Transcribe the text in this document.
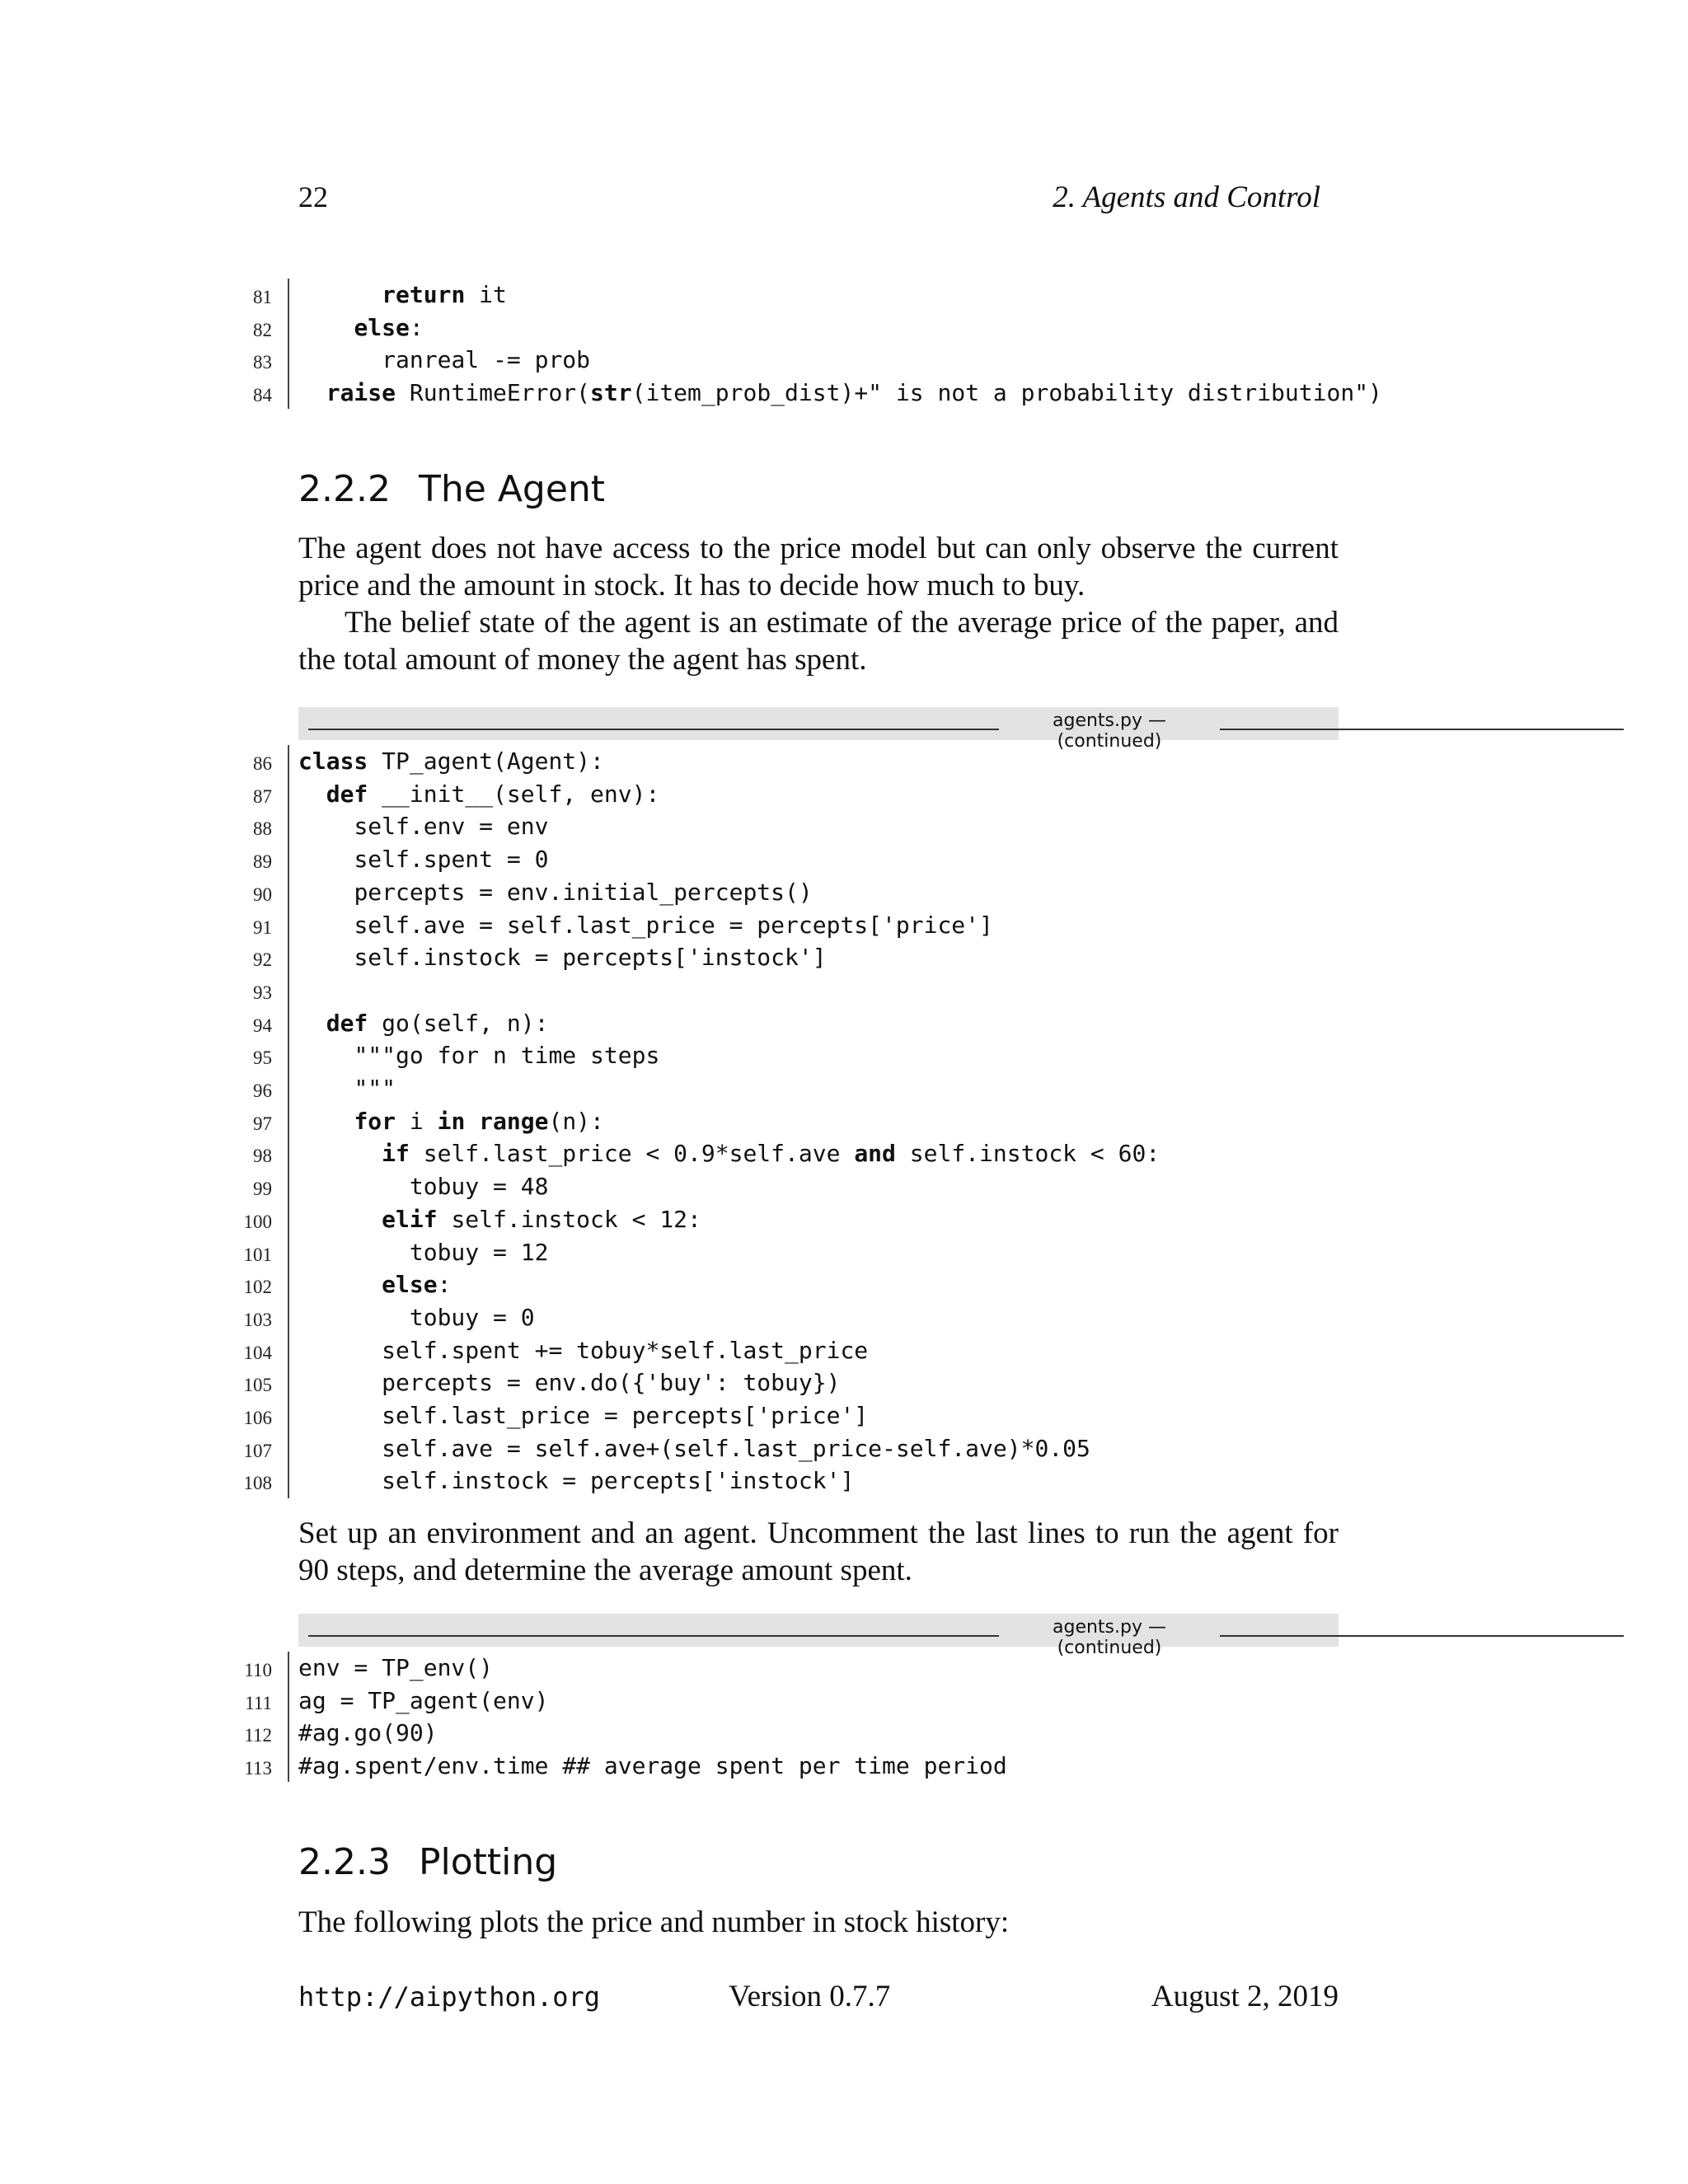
22	2. Agents and Control
81	return it
82	else:
83	ranreal -= prob
84	raise RuntimeError(str(item_prob_dist)+" is not a probability distribution")
2.2.2 The Agent
The agent does not have access to the price model but can only observe the current price and the amount in stock. It has to decide how much to buy.
The belief state of the agent is an estimate of the average price of the paper, and the total amount of money the agent has spent.
agents.py — (continued)
86 class TP_agent(Agent):
87	def __init__(self, env):
88	self.env = env
89	self.spent = 0
90	percepts = env.initial_percepts()
91	self.ave = self.last_price = percepts['price']
92	self.instock = percepts['instock']
93
94	def go(self, n):
95	"""go for n time steps
96	"""
97	for i in range(n):
98	if self.last_price < 0.9*self.ave and self.instock < 60:
99	tobuy = 48
100	elif self.instock < 12:
101	tobuy = 12
102	else:
103	tobuy = 0
104	self.spent += tobuy*self.last_price
105	percepts = env.do({'buy': tobuy})
106	self.last_price = percepts['price']
107	self.ave = self.ave+(self.last_price-self.ave)*0.05
108	self.instock = percepts['instock']
Set up an environment and an agent. Uncomment the last lines to run the agent for 90 steps, and determine the average amount spent.
agents.py — (continued)
110 env = TP_env()
111 ag = TP_agent(env)
112 #ag.go(90)
113 #ag.spent/env.time ## average spent per time period
2.2.3 Plotting
The following plots the price and number in stock history:
http://aipython.org	Version 0.7.7	August 2, 2019
